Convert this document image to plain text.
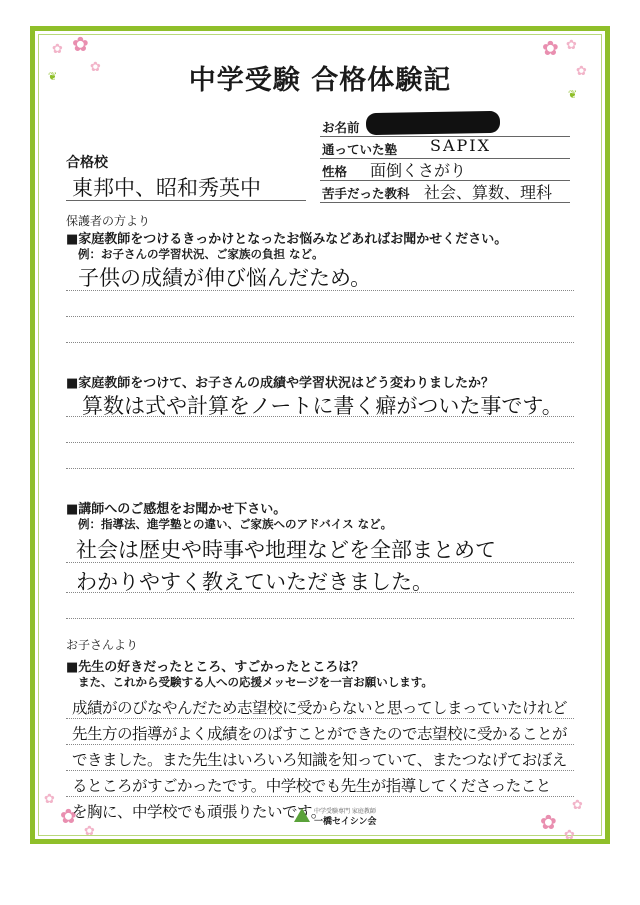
✿
✿
✿
❦
✿ ✿
✿
❦
✿
✿
✿	✿
✿
✿
中学受験 合格体験記
お名前
通っていた塾 SAPIX
性格 面倒くさがり
苦手だった教科 社会、算数、理科
合格校
東邦中、昭和秀英中
保護者の方より
■家庭教師をつけるきっかけとなったお悩みなどあればお聞かせください。
例：お子さんの学習状況、ご家族の負担 など。
子供の成績が伸び悩んだため。
■家庭教師をつけて、お子さんの成績や学習状況はどう変わりましたか？
算数は式や計算をノートに書く癖がついた事です。
■講師へのご感想をお聞かせ下さい。
例：指導法、進学塾との違い、ご家族へのアドバイス など。
社会は歴史や時事や地理などを全部まとめて
わかりやすく教えていただきました。
お子さんより
■先生の好きだったところ、すごかったところは？
また、これから受験する人への応援メッセージを一言お願いします。
成績がのびなやんだため志望校に受からないと思ってしまっていたけれど
先生方の指導がよく成績をのばすことができたので志望校に受かることが
できました。また先生はいろいろ知識を知っていて、またつなげておぼえ
るところがすごかったです。中学校でも先生が指導してくださったこと
を胸に、中学校でも頑張りたいです。
中学受験専門 家庭教師
一橋セイシン会
